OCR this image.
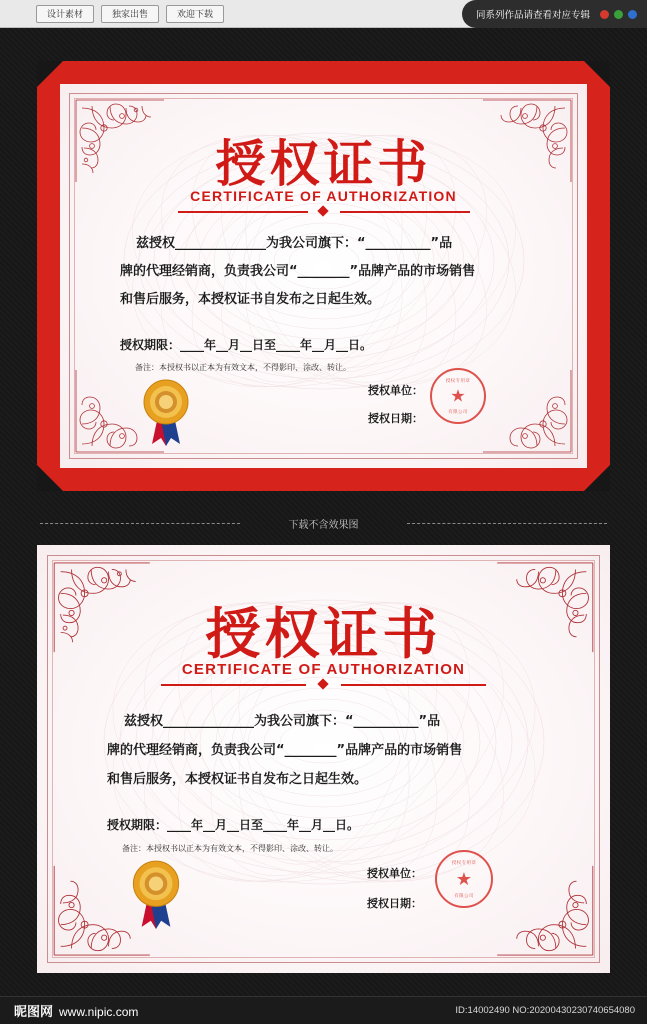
设计素材	独家出售	欢迎下载	同系列作品请查看对应专辑
授权证书
CERTIFICATE OF AUTHORIZATION
兹授权______________为我公司旗下：“__________”品
牌的代理经销商，负责我公司“________”品牌产品的市场销售
和售后服务，本授权证书自发布之日起生效。
授权期限：____年__月__日至____年__月__日。
备注：本授权书以正本为有效文本，不得影印、涂改、转让。
授权单位：
授权日期：
授权专用章
★
有限公司
下载不含效果图
授权证书
CERTIFICATE OF AUTHORIZATION
兹授权______________为我公司旗下：“__________”品
牌的代理经销商，负责我公司“________”品牌产品的市场销售
和售后服务，本授权证书自发布之日起生效。
授权期限：____年__月__日至____年__月__日。
备注：本授权书以正本为有效文本，不得影印、涂改、转让。
授权单位：
授权日期：
授权专用章
★
有限公司
昵图网 www.nipic.com	ID:14002490 NO:20200430230740654080
